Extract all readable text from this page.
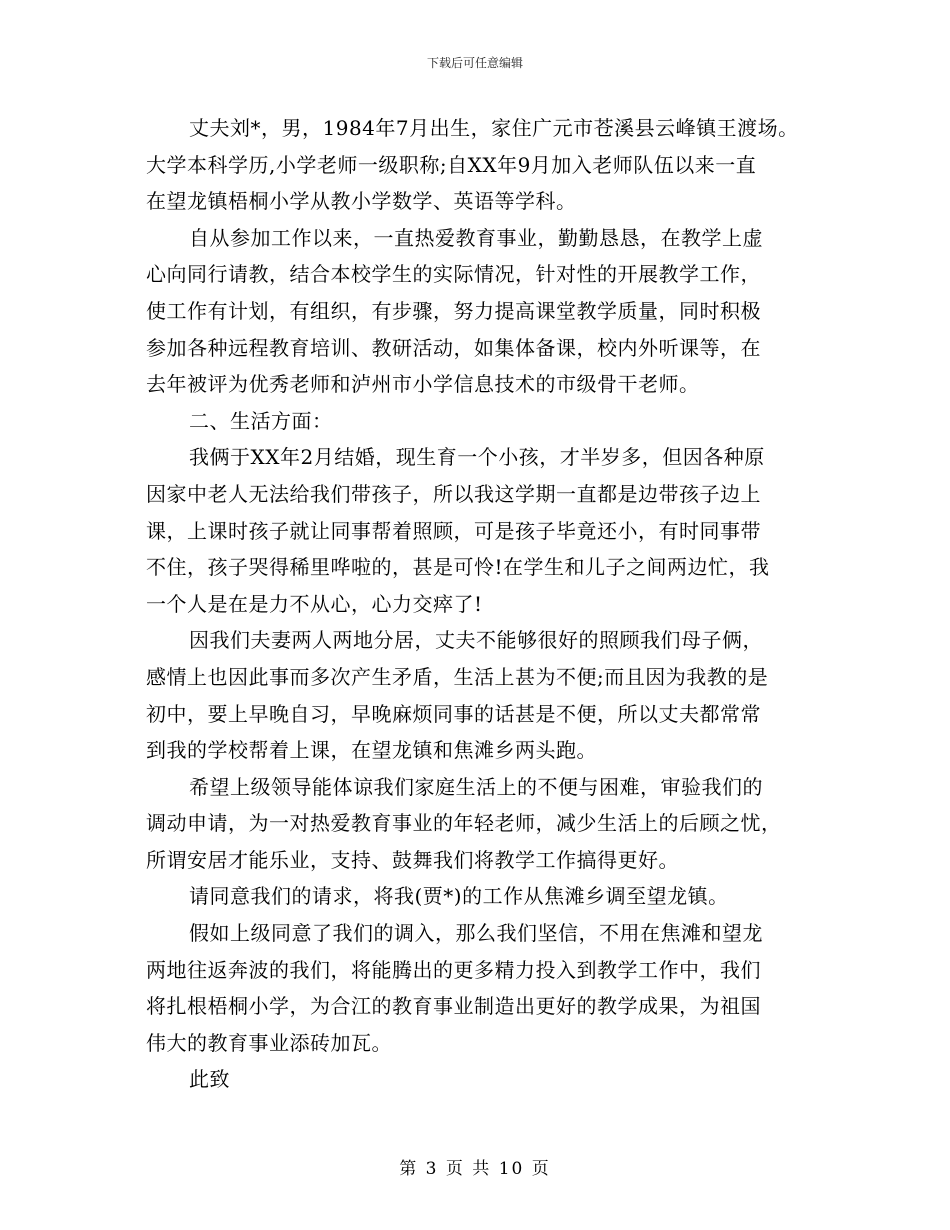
下载后可任意编辑
丈夫刘*，男，1984年7月出生，家住广元市苍溪县云峰镇王渡场。
大学本科学历,小学老师一级职称;自XX年9月加入老师队伍以来一直
在望龙镇梧桐小学从教小学数学、英语等学科。
自从参加工作以来，一直热爱教育事业，勤勤恳恳，在教学上虚
心向同行请教，结合本校学生的实际情况，针对性的开展教学工作，
使工作有计划，有组织，有步骤，努力提高课堂教学质量，同时积极
参加各种远程教育培训、教研活动，如集体备课，校内外听课等，在
去年被评为优秀老师和泸州市小学信息技术的市级骨干老师。
二、生活方面：
我俩于XX年2月结婚，现生育一个小孩，才半岁多，但因各种原
因家中老人无法给我们带孩子，所以我这学期一直都是边带孩子边上
课，上课时孩子就让同事帮着照顾，可是孩子毕竟还小，有时同事带
不住，孩子哭得稀里哗啦的，甚是可怜!在学生和儿子之间两边忙，我
一个人是在是力不从心，心力交瘁了!
因我们夫妻两人两地分居，丈夫不能够很好的照顾我们母子俩，
感情上也因此事而多次产生矛盾，生活上甚为不便;而且因为我教的是
初中，要上早晚自习，早晚麻烦同事的话甚是不便，所以丈夫都常常
到我的学校帮着上课，在望龙镇和焦滩乡两头跑。
希望上级领导能体谅我们家庭生活上的不便与困难，审验我们的
调动申请，为一对热爱教育事业的年轻老师，减少生活上的后顾之忧，
所谓安居才能乐业，支持、鼓舞我们将教学工作搞得更好。
请同意我们的请求，将我(贾*)的工作从焦滩乡调至望龙镇。
假如上级同意了我们的调入，那么我们坚信，不用在焦滩和望龙
两地往返奔波的我们，将能腾出的更多精力投入到教学工作中，我们
将扎根梧桐小学，为合江的教育事业制造出更好的教学成果，为祖国
伟大的教育事业添砖加瓦。
此致
第 3 页 共 10 页
